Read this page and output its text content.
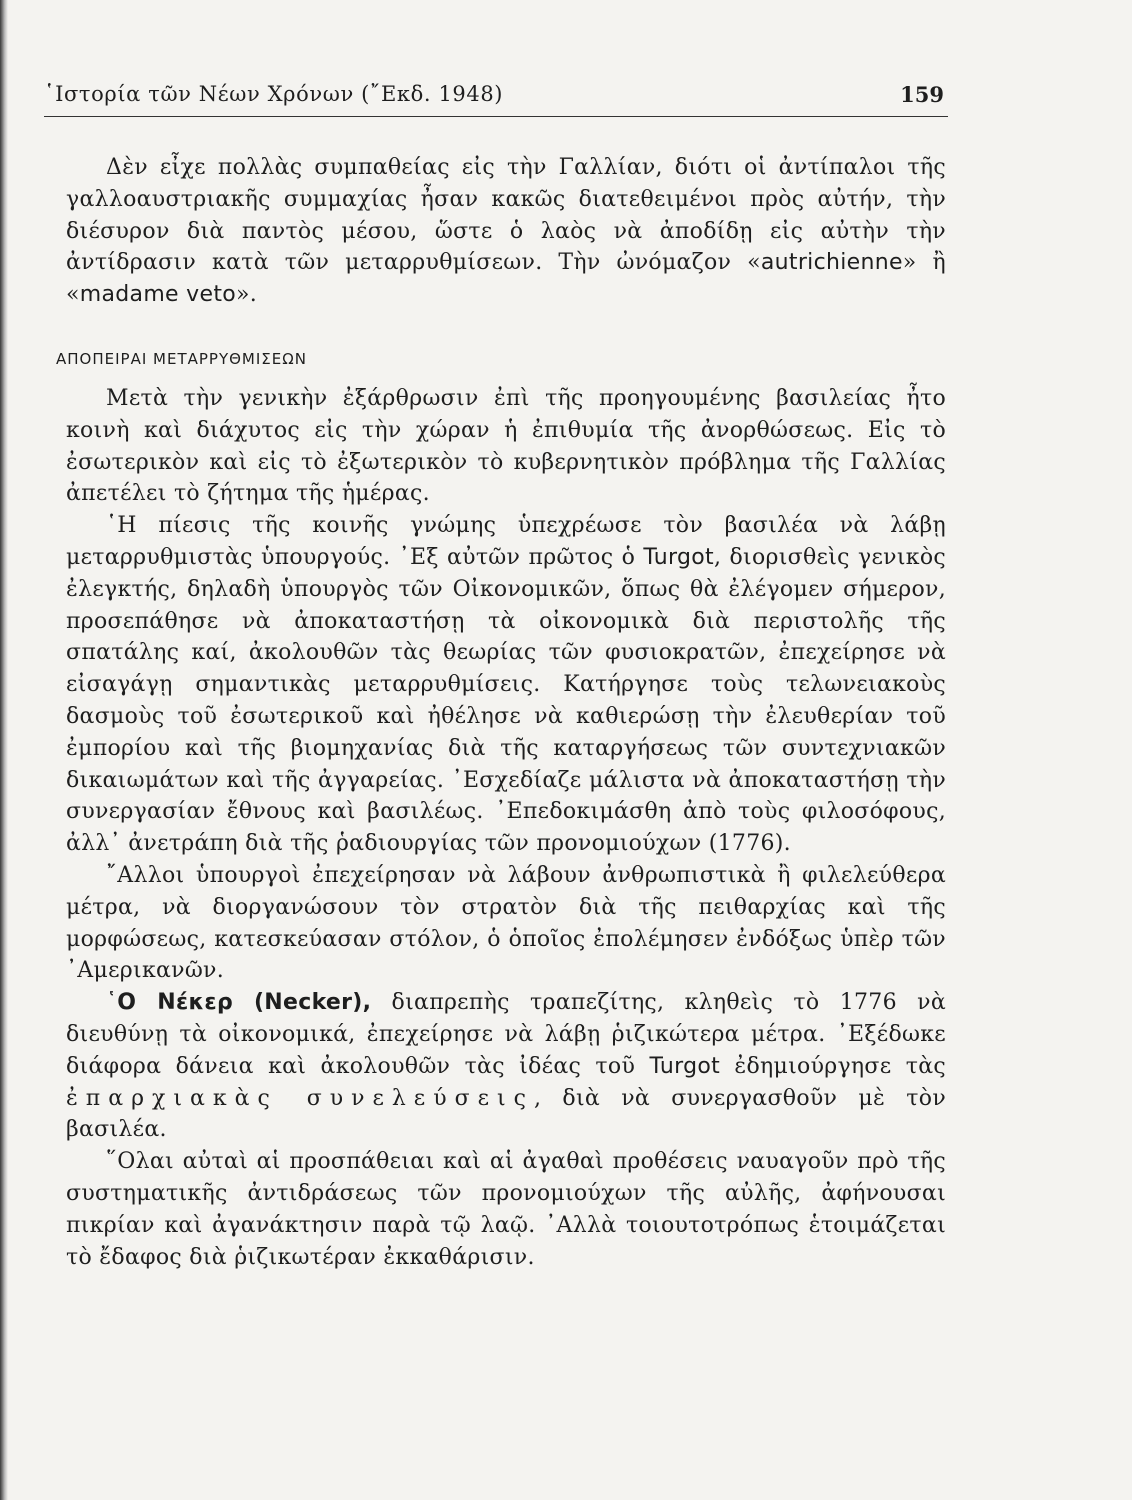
῾Ιστορία τῶν Νέων Χρόνων (῎Εκδ. 1948)	159

Δὲν εἶχε πολλὰς συμπαθείας εἰς τὴν Γαλλίαν, διότι οἱ ἀντίπαλοι τῆς γαλλοαυστριακῆς συμμαχίας ἦσαν κακῶς διατεθειμένοι πρὸς αὐτήν, τὴν διέσυρον διὰ παντὸς μέσου, ὥστε ὁ λαὸς νὰ ἀποδίδῃ εἰς αὐτὴν τὴν ἀντίδρασιν κατὰ τῶν μεταρρυθμίσεων. Τὴν ὠνόμαζον «autrichienne» ἢ «madame veto».

ΑΠΟΠΕΙΡΑΙ ΜΕΤΑΡΡΥΘΜΙΣΕΩΝ

Μετὰ τὴν γενικὴν ἐξάρθρωσιν ἐπὶ τῆς προηγουμένης βασιλείας ἦτο κοινὴ καὶ διάχυτος εἰς τὴν χώραν ἡ ἐπιθυμία τῆς ἀνορθώσεως. Εἰς τὸ ἐσωτερικὸν καὶ εἰς τὸ ἐξωτερικὸν τὸ κυβερνητικὸν πρόβλημα τῆς Γαλλίας ἀπετέλει τὸ ζήτημα τῆς ἡμέρας.

῾Η πίεσις τῆς κοινῆς γνώμης ὑπεχρέωσε τὸν βασιλέα νὰ λάβῃ μεταρρυθμιστὰς ὑπουργούς. ᾿Εξ αὐτῶν πρῶτος ὁ Turgot, διορισθεὶς γενικὸς ἐλεγκτής, δηλαδὴ ὑπουργὸς τῶν Οἰκονομικῶν, ὅπως θὰ ἐλέγομεν σήμερον, προσεπάθησε νὰ ἀποκαταστήσῃ τὰ οἰκονομικὰ διὰ περιστολῆς τῆς σπατάλης καί, ἀκολουθῶν τὰς θεωρίας τῶν φυσιοκρατῶν, ἐπεχείρησε νὰ εἰσαγάγῃ σημαντικὰς μεταρρυθμίσεις. Κατήργησε τοὺς τελωνειακοὺς δασμοὺς τοῦ ἐσωτερικοῦ καὶ ἠθέλησε νὰ καθιερώσῃ τὴν ἐλευθερίαν τοῦ ἐμπορίου καὶ τῆς βιομηχανίας διὰ τῆς καταργήσεως τῶν συντεχνιακῶν δικαιωμάτων καὶ τῆς ἀγγαρείας. ᾿Εσχεδίαζε μάλιστα νὰ ἀποκαταστήσῃ τὴν συνεργασίαν ἔθνους καὶ βασιλέως. ᾿Επεδοκιμάσθη ἀπὸ τοὺς φιλοσόφους, ἀλλ᾿ ἀνετράπη διὰ τῆς ῥαδιουργίας τῶν προνομιούχων (1776).

῎Αλλοι ὑπουργοὶ ἐπεχείρησαν νὰ λάβουν ἀνθρωπιστικὰ ἢ φιλελεύθερα μέτρα, νὰ διοργανώσουν τὸν στρατὸν διὰ τῆς πειθαρχίας καὶ τῆς μορφώσεως, κατεσκεύασαν στόλον, ὁ ὁποῖος ἐπολέμησεν ἐνδόξως ὑπὲρ τῶν ᾿Αμερικανῶν.

῾Ο Νέκερ (Necker), διαπρεπὴς τραπεζίτης, κληθεὶς τὸ 1776 νὰ διευθύνῃ τὰ οἰκονομικά, ἐπεχείρησε νὰ λάβῃ ῥιζικώτερα μέτρα. ᾿Εξέδωκε διάφορα δάνεια καὶ ἀκολουθῶν τὰς ἰδέας τοῦ Turgot ἐδημιούργησε τὰς ἐπαρχιακὰς συνελεύσεις, διὰ νὰ συνεργασθοῦν μὲ τὸν βασιλέα.

῞Ολαι αὐταὶ αἱ προσπάθειαι καὶ αἱ ἀγαθαὶ προθέσεις ναυαγοῦν πρὸ τῆς συστηματικῆς ἀντιδράσεως τῶν προνομιούχων τῆς αὐλῆς, ἀφήνουσαι πικρίαν καὶ ἀγανάκτησιν παρὰ τῷ λαῷ. ᾿Αλλὰ τοιουτοτρόπως ἑτοιμάζεται τὸ ἔδαφος διὰ ῥιζικωτέραν ἐκκαθάρισιν.
